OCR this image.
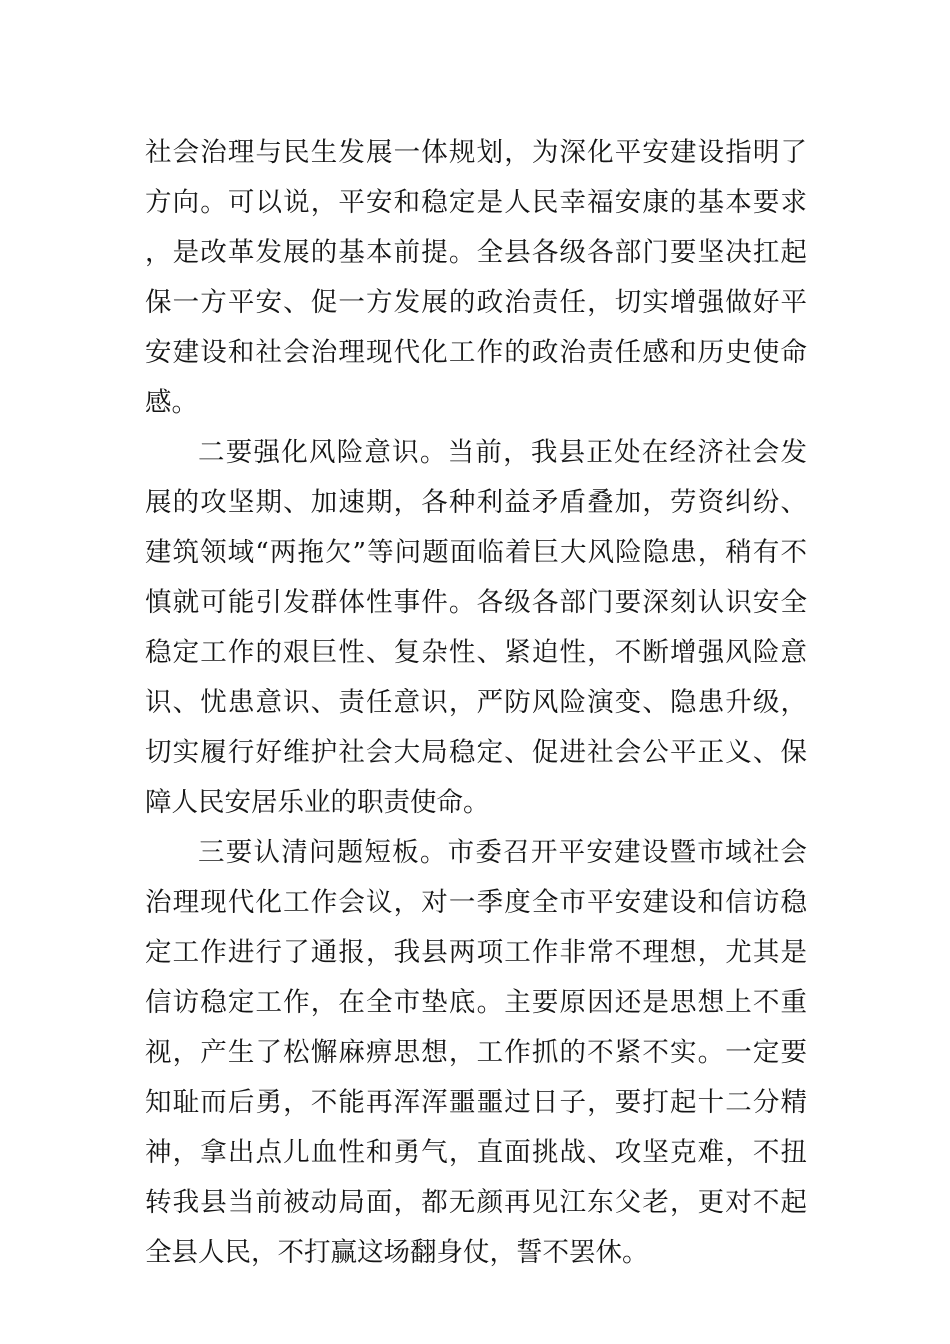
社会治理与民生发展一体规划，为深化平安建设指明了方向。可以说，平安和稳定是人民幸福安康的基本要求，是改革发展的基本前提。全县各级各部门要坚决扛起保一方平安、促一方发展的政治责任，切实增强做好平安建设和社会治理现代化工作的政治责任感和历史使命感。

二要强化风险意识。当前，我县正处在经济社会发展的攻坚期、加速期，各种利益矛盾叠加，劳资纠纷、建筑领域“两拖欠”等问题面临着巨大风险隐患，稍有不慎就可能引发群体性事件。各级各部门要深刻认识安全稳定工作的艰巨性、复杂性、紧迫性，不断增强风险意识、忧患意识、责任意识，严防风险演变、隐患升级，切实履行好维护社会大局稳定、促进社会公平正义、保障人民安居乐业的职责使命。

三要认清问题短板。市委召开平安建设暨市域社会治理现代化工作会议，对一季度全市平安建设和信访稳定工作进行了通报，我县两项工作非常不理想，尤其是信访稳定工作，在全市垫底。主要原因还是思想上不重视，产生了松懈麻痹思想，工作抓的不紧不实。一定要知耻而后勇，不能再浑浑噩噩过日子，要打起十二分精神，拿出点儿血性和勇气，直面挑战、攻坚克难，不扭转我县当前被动局面，都无颜再见江东父老，更对不起全县人民，不打赢这场翻身仗，誓不罢休。
